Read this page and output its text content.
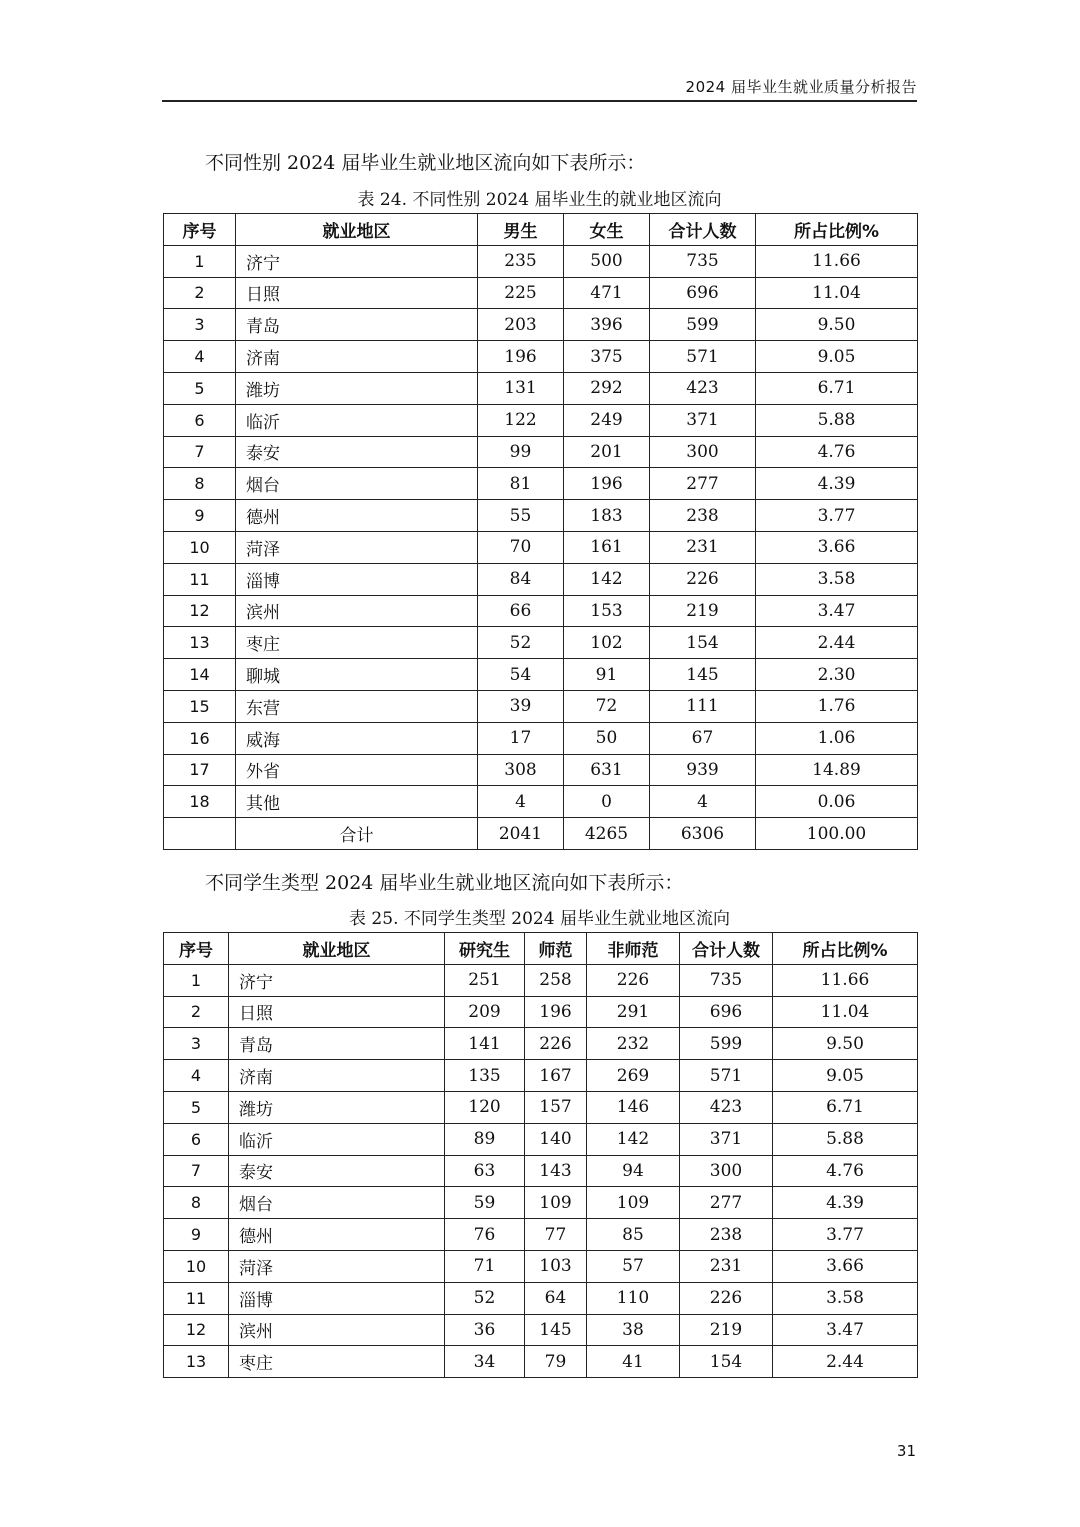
2024 届毕业生就业质量分析报告
不同性别 2024 届毕业生就业地区流向如下表所示：
表 24. 不同性别 2024 届毕业生的就业地区流向
序号	就业地区	男生	女生	合计人数	所占比例%
1	济宁	235	500	735	11.66
2	日照	225	471	696	11.04
3	青岛	203	396	599	9.50
4	济南	196	375	571	9.05
5	潍坊	131	292	423	6.71
6	临沂	122	249	371	5.88
7	泰安	99	201	300	4.76
8	烟台	81	196	277	4.39
9	德州	55	183	238	3.77
10	菏泽	70	161	231	3.66
11	淄博	84	142	226	3.58
12	滨州	66	153	219	3.47
13	枣庄	52	102	154	2.44
14	聊城	54	91	145	2.30
15	东营	39	72	111	1.76
16	威海	17	50	67	1.06
17	外省	308	631	939	14.89
18	其他	4	0	4	0.06
	合计	2041	4265	6306	100.00
不同学生类型 2024 届毕业生就业地区流向如下表所示：
表 25. 不同学生类型 2024 届毕业生就业地区流向
序号	就业地区	研究生	师范	非师范	合计人数	所占比例%
1	济宁	251	258	226	735	11.66
2	日照	209	196	291	696	11.04
3	青岛	141	226	232	599	9.50
4	济南	135	167	269	571	9.05
5	潍坊	120	157	146	423	6.71
6	临沂	89	140	142	371	5.88
7	泰安	63	143	94	300	4.76
8	烟台	59	109	109	277	4.39
9	德州	76	77	85	238	3.77
10	菏泽	71	103	57	231	3.66
11	淄博	52	64	110	226	3.58
12	滨州	36	145	38	219	3.47
13	枣庄	34	79	41	154	2.44
31
